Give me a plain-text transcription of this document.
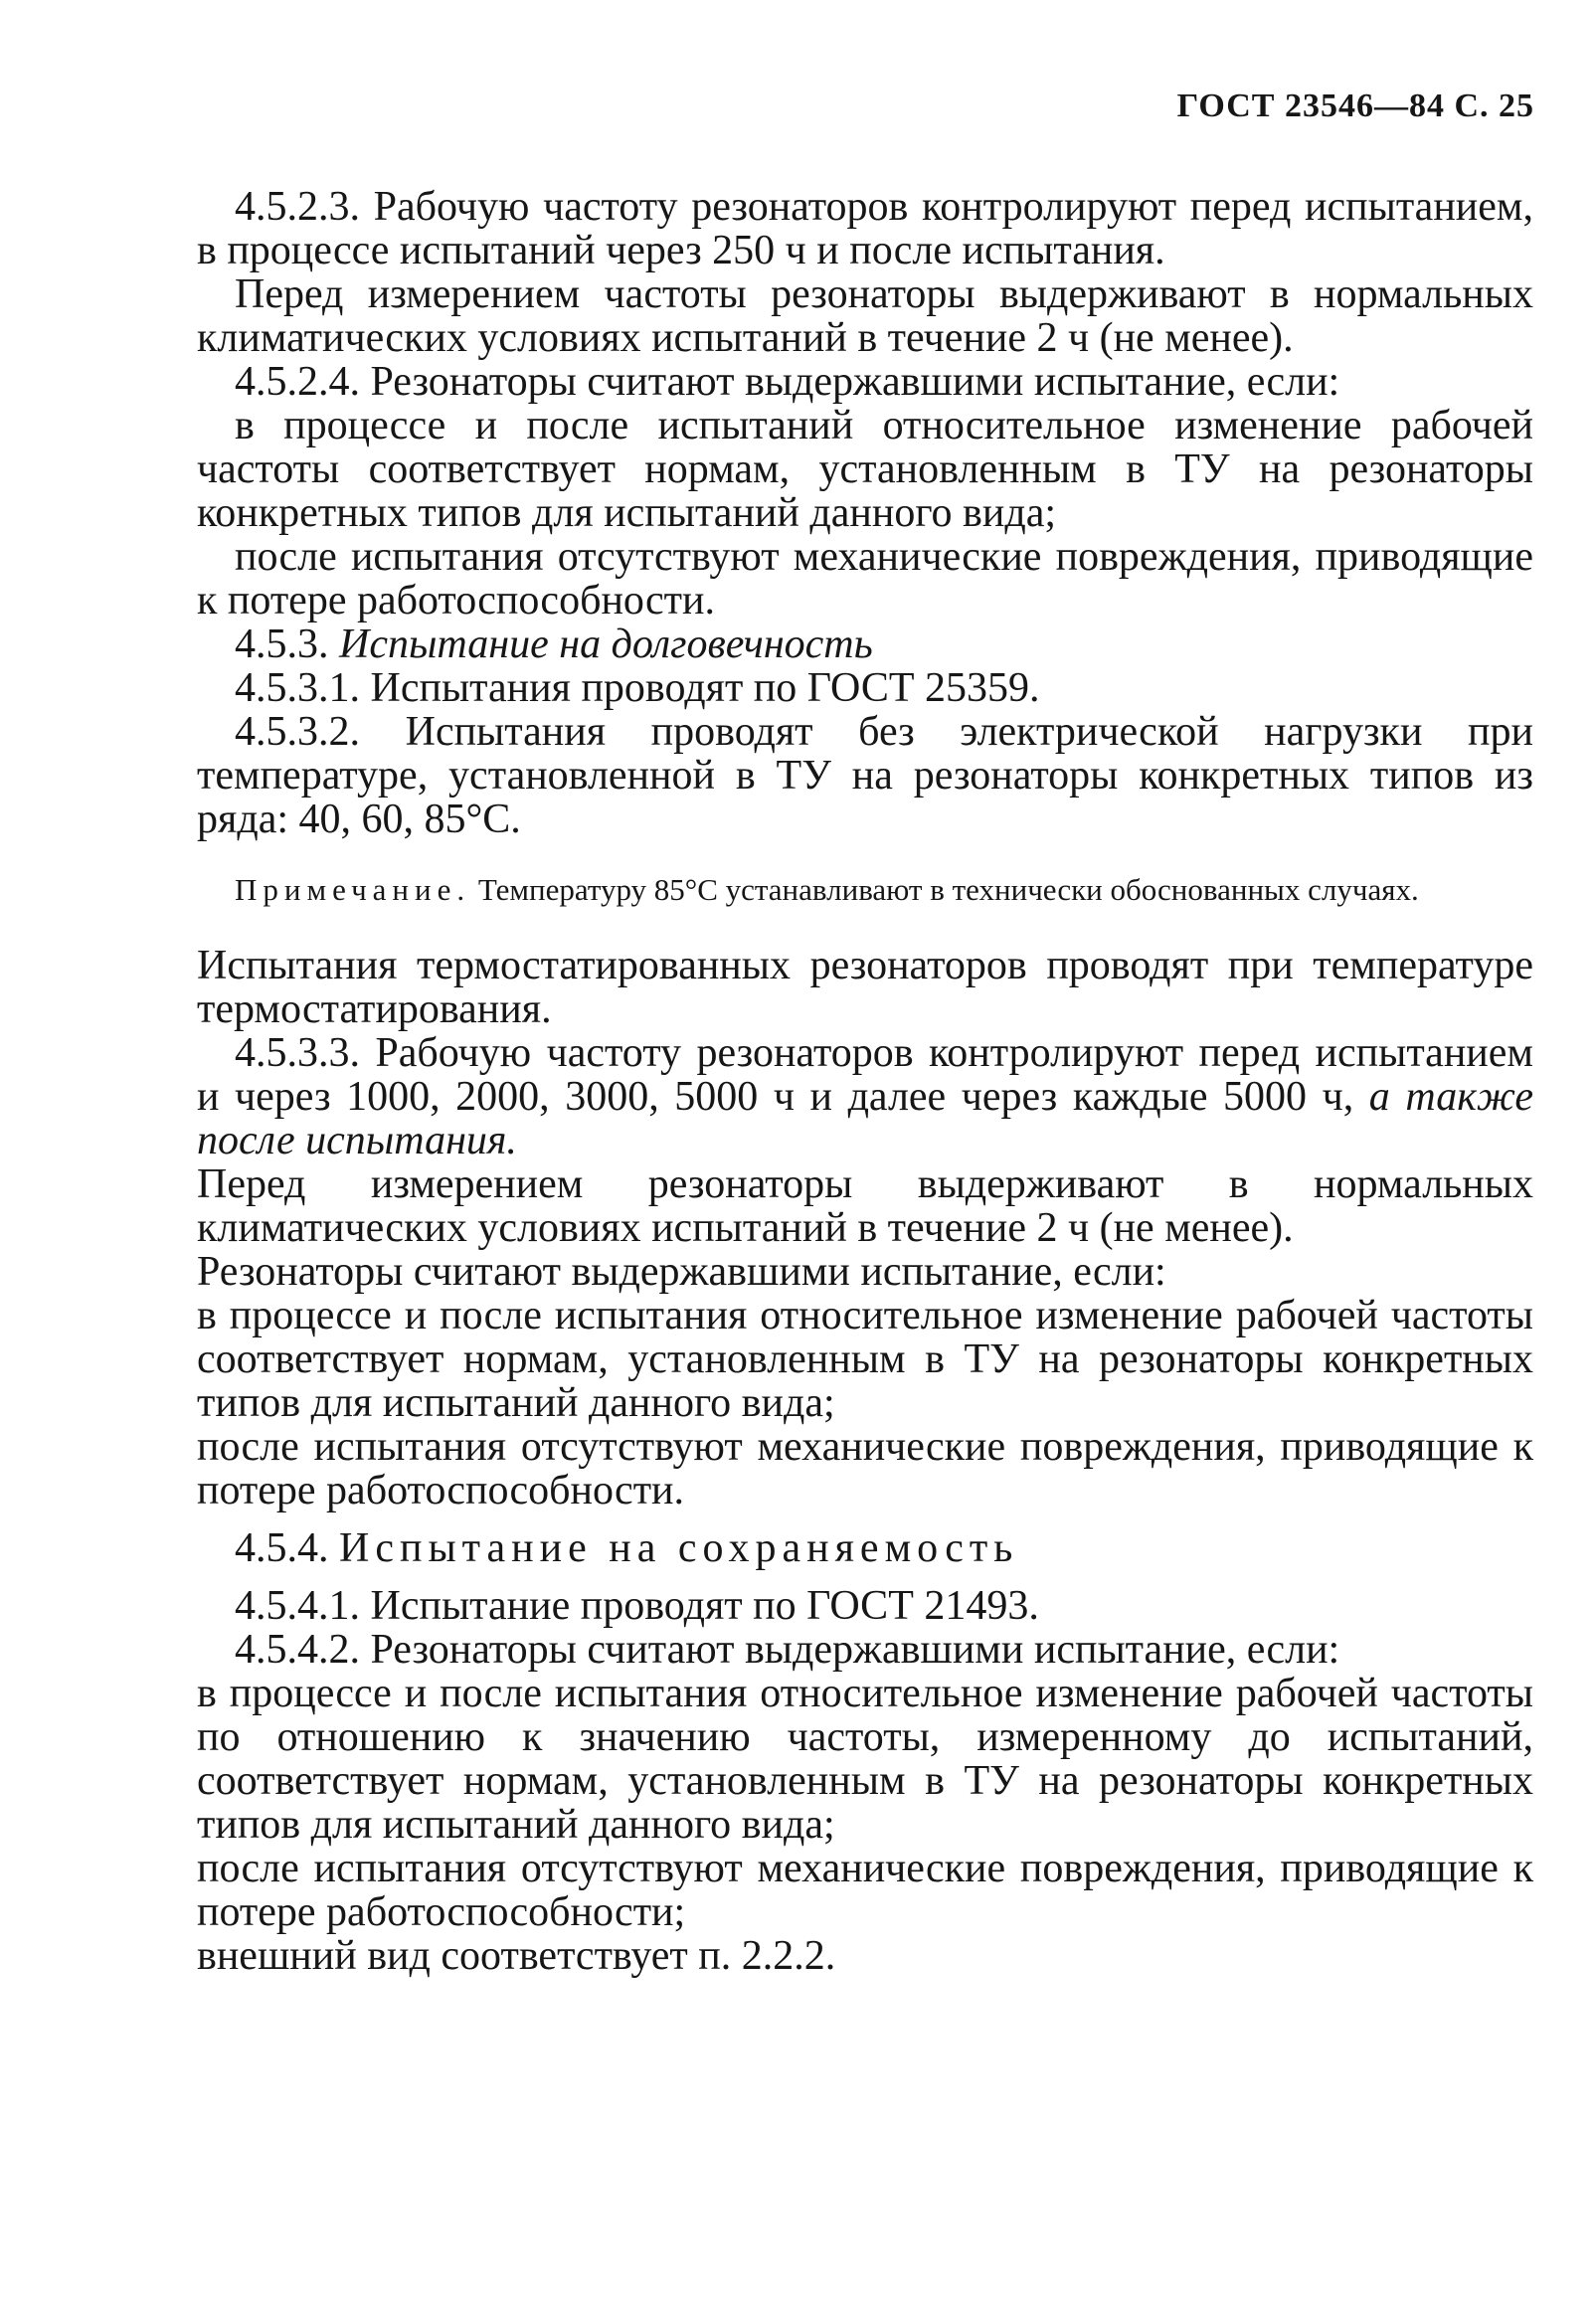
ГОСТ 23546—84 С. 25

4.5.2.3. Рабочую частоту резонаторов контролируют перед испытанием, в процессе испытаний через 250 ч и после испытания.

Перед измерением частоты резонаторы выдерживают в нормальных климатических условиях испытаний в течение 2 ч (не менее).

4.5.2.4. Резонаторы считают выдержавшими испытание, если:

в процессе и после испытаний относительное изменение рабочей частоты соответствует нормам, установленным в ТУ на резонаторы конкретных типов для испытаний данного вида;

после испытания отсутствуют механические повреждения, приводящие к потере работоспособности.

4.5.3. Испытание на долговечность

4.5.3.1. Испытания проводят по ГОСТ 25359.

4.5.3.2. Испытания проводят без электрической нагрузки при температуре, установленной в ТУ на резонаторы конкретных типов из ряда: 40, 60, 85°С.

Примечание. Температуру 85°С устанавливают в технически обоснованных случаях.

Испытания термостатированных резонаторов проводят при температуре термостатирования.

4.5.3.3. Рабочую частоту резонаторов контролируют перед испытанием и через 1000, 2000, 3000, 5000 ч и далее через каждые 5000 ч, а также после испытания.

Перед измерением резонаторы выдерживают в нормальных климатических условиях испытаний в течение 2 ч (не менее).

Резонаторы считают выдержавшими испытание, если:

в процессе и после испытания относительное изменение рабочей частоты соответствует нормам, установленным в ТУ на резонаторы конкретных типов для испытаний данного вида;

после испытания отсутствуют механические повреждения, приводящие к потере работоспособности.

4.5.4. Испытание на сохраняемость

4.5.4.1. Испытание проводят по ГОСТ 21493.

4.5.4.2. Резонаторы считают выдержавшими испытание, если:

в процессе и после испытания относительное изменение рабочей частоты по отношению к значению частоты, измеренному до испытаний, соответствует нормам, установленным в ТУ на резонаторы конкретных типов для испытаний данного вида;

после испытания отсутствуют механические повреждения, приводящие к потере работоспособности;

внешний вид соответствует п. 2.2.2.
